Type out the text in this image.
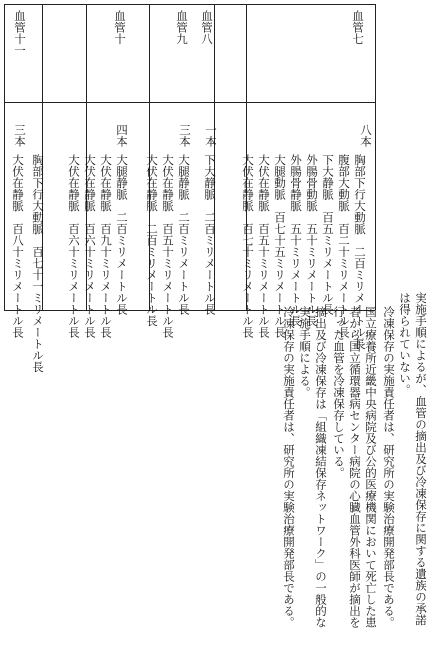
血管七
八本
胸部下行大動脈　二百ミリメートル長
腹部大動脈　百二十ミリメートル長
下大静脈　百五ミリメートル長
外腸骨動脈　五十ミリメートル長
外腸骨静脈　五十ミリメートル長
大腿動脈　百七十五ミリメートル長
大伏在静脈　百五十ミリメートル長
大伏在静脈　百七十ミリメートル長
血管八
一本
下大静脈　二百ミリメートル長
血管九
三本
大腿静脈　二百ミリメートル長
大伏在静脈　百五十ミリメートル長
大伏在静脈　二百ミリメートル長
血管十
四本
大腿静脈　二百ミリメートル長
大伏在静脈　百九十ミリメートル長
大伏在静脈　百六十ミリメートル長
大伏在静脈　百六十ミリメートル長
血管十一
三本
胸部下行大動脈　百七十一ミリメートル長
大伏在静脈　百八十ミリメートル長
実施手順によるが、血管の摘出及び冷凍保存に関する遺族の承諾
は得られていない。
冷凍保存の実施責任者は、研究所の実験治療開発部長である。
国立療養所近畿中央病院及び公的医療機関において死亡した患
者から国立循環器病センター病院の心臓血管外科医師が摘出を
行った血管を冷凍保存している。
摘出及び冷凍保存は「組織凍結保存ネットワーク」の一般的な
実施手順による。
冷凍保存の実施責任者は、研究所の実験治療開発部長である。
